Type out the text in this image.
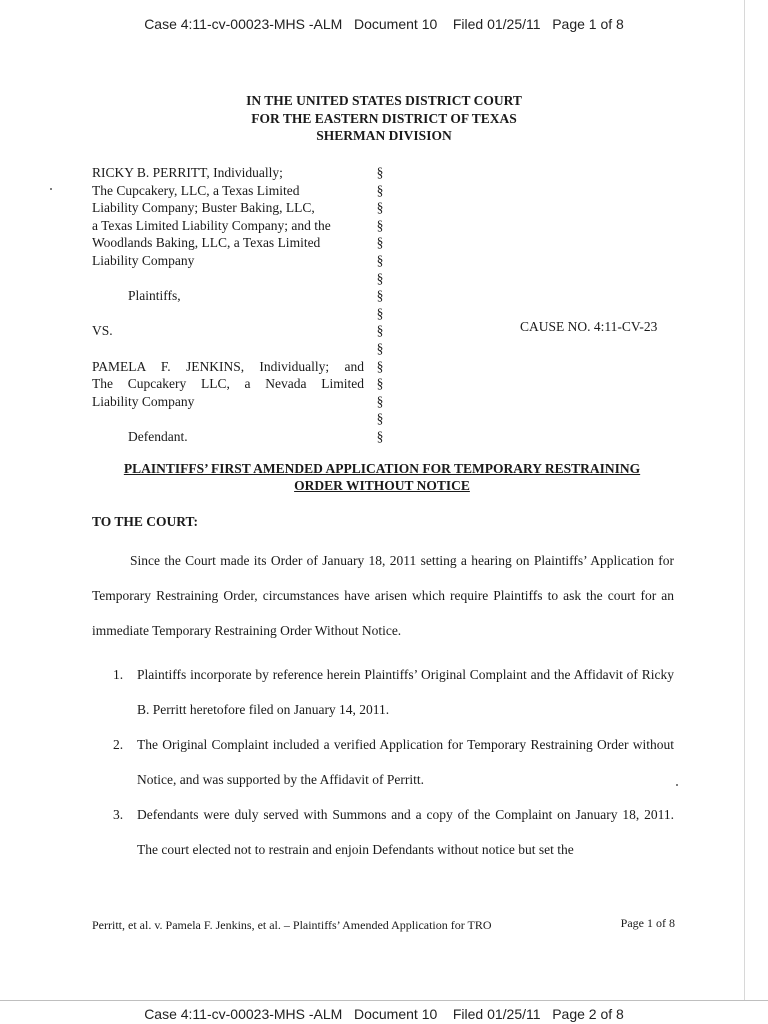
Case 4:11-cv-00023-MHS -ALM   Document 10    Filed 01/25/11   Page 1 of 8
IN THE UNITED STATES DISTRICT COURT
FOR THE EASTERN DISTRICT OF TEXAS
SHERMAN DIVISION
RICKY B. PERRITT, Individually;
The Cupcakery, LLC, a Texas Limited
Liability Company; Buster Baking, LLC,
a Texas Limited Liability Company; and the
Woodlands Baking, LLC, a Texas Limited
Liability Company
Plaintiffs,
VS.
PAMELA F. JENKINS, Individually; and
The Cupcakery LLC, a Nevada Limited
Liability Company
Defendant.
§
§
§
§
§
§
§
§
§
§
§
§
§
§
§
§
CAUSE NO. 4:11-CV-23
PLAINTIFFS’ FIRST AMENDED APPLICATION FOR TEMPORARY RESTRAINING
ORDER WITHOUT NOTICE
TO THE COURT:
Since the Court made its Order of January 18, 2011 setting a hearing on Plaintiffs’ Application for Temporary Restraining Order, circumstances have arisen which require Plaintiffs to ask the court for an immediate Temporary Restraining Order Without Notice.
1. Plaintiffs incorporate by reference herein Plaintiffs’ Original Complaint and the Affidavit of Ricky B. Perritt heretofore filed on January 14, 2011.
2. The Original Complaint included a verified Application for Temporary Restraining Order without Notice, and was supported by the Affidavit of Perritt.
3. Defendants were duly served with Summons and a copy of the Complaint on January 18, 2011. The court elected not to restrain and enjoin Defendants without notice but set the
Perritt, et al. v. Pamela F. Jenkins, et al. – Plaintiffs’ Amended Application for TRO	Page 1 of 8
Case 4:11-cv-00023-MHS -ALM   Document 10    Filed 01/25/11   Page 2 of 8
